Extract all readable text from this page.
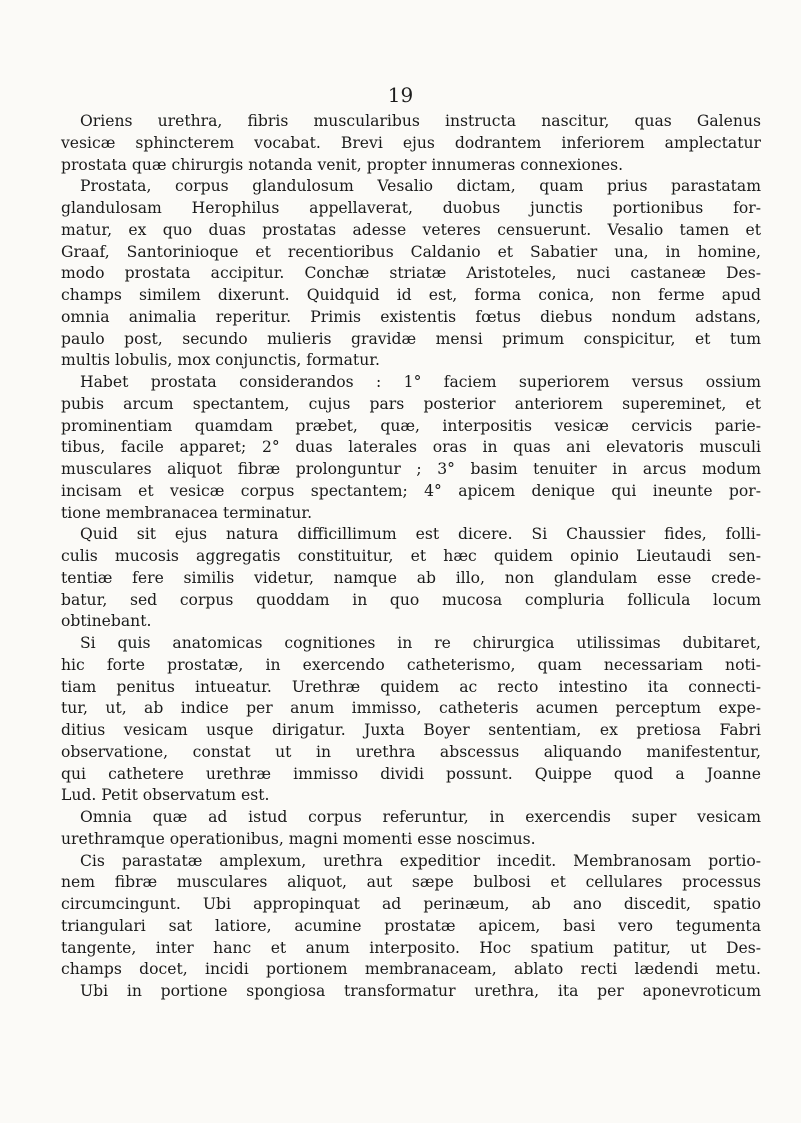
19
Oriens urethra, fibris muscularibus instructa nascitur, quas Galenus
vesicæ sphincterem vocabat. Brevi ejus dodrantem inferiorem amplectatur
prostata quæ chirurgis notanda venit, propter innumeras connexiones.
Prostata, corpus glandulosum Vesalio dictam, quam prius parastatam
glandulosam Herophilus appellaverat, duobus junctis portionibus for-
matur, ex quo duas prostatas adesse veteres censuerunt. Vesalio tamen et
Graaf, Santorinioque et recentioribus Caldanio et Sabatier una, in homine,
modo prostata accipitur. Conchæ striatæ Aristoteles, nuci castaneæ Des-
champs similem dixerunt. Quidquid id est, forma conica, non ferme apud
omnia animalia reperitur. Primis existentis fœtus diebus nondum adstans,
paulo post, secundo mulieris gravidæ mensi primum conspicitur, et tum
multis lobulis, mox conjunctis, formatur.
Habet prostata considerandos : 1° faciem superiorem versus ossium
pubis arcum spectantem, cujus pars posterior anteriorem supereminet, et
prominentiam quamdam præbet, quæ, interpositis vesicæ cervicis parie-
tibus, facile apparet; 2° duas laterales oras in quas ani elevatoris musculi
musculares aliquot fibræ prolonguntur ; 3° basim tenuiter in arcus modum
incisam et vesicæ corpus spectantem; 4° apicem denique qui ineunte por-
tione membranacea terminatur.
Quid sit ejus natura difficillimum est dicere. Si Chaussier fides, folli-
culis mucosis aggregatis constituitur, et hæc quidem opinio Lieutaudi sen-
tentiæ fere similis videtur, namque ab illo, non glandulam esse crede-
batur, sed corpus quoddam in quo mucosa compluria follicula locum
obtinebant.
Si quis anatomicas cognitiones in re chirurgica utilissimas dubitaret,
hic forte prostatæ, in exercendo catheterismo, quam necessariam noti-
tiam penitus intueatur. Urethræ quidem ac recto intestino ita connecti-
tur, ut, ab indice per anum immisso, catheteris acumen perceptum expe-
ditius vesicam usque dirigatur. Juxta Boyer sententiam, ex pretiosa Fabri
observatione, constat ut in urethra abscessus aliquando manifestentur,
qui cathetere urethræ immisso dividi possunt. Quippe quod a Joanne
Lud. Petit observatum est.
Omnia quæ ad istud corpus referuntur, in exercendis super vesicam
urethramque operationibus, magni momenti esse noscimus.
Cis parastatæ amplexum, urethra expeditior incedit. Membranosam portio-
nem fibræ musculares aliquot, aut sæpe bulbosi et cellulares processus
circumcingunt. Ubi appropinquat ad perinæum, ab ano discedit, spatio
triangulari sat latiore, acumine prostatæ apicem, basi vero tegumenta
tangente, inter hanc et anum interposito. Hoc spatium patitur, ut Des-
champs docet, incidi portionem membranaceam, ablato recti lædendi metu.
Ubi in portione spongiosa transformatur urethra, ita per aponevroticum
